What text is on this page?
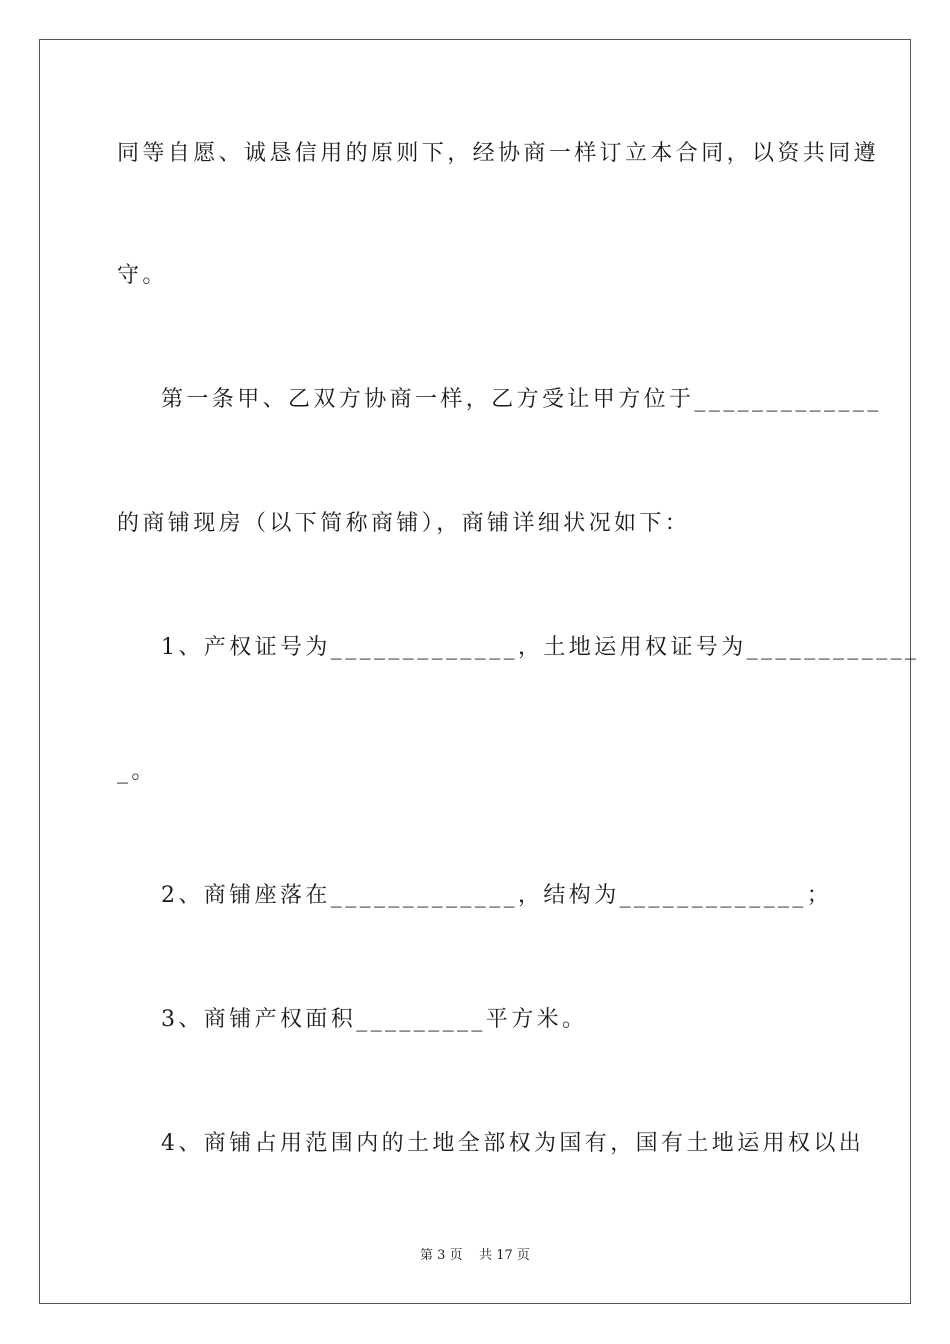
同等自愿、诚恳信用的原则下，经协商一样订立本合同，以资共同遵
守。
第一条甲、乙双方协商一样，乙方受让甲方位于_____________
的商铺现房（以下简称商铺），商铺详细状况如下：
1、产权证号为_____________，土地运用权证号为____________
_。
2、商铺座落在_____________，结构为_____________；
3、商铺产权面积_________平方米。
4、商铺占用范围内的土地全部权为国有，国有土地运用权以出
第 3 页 共 17 页
